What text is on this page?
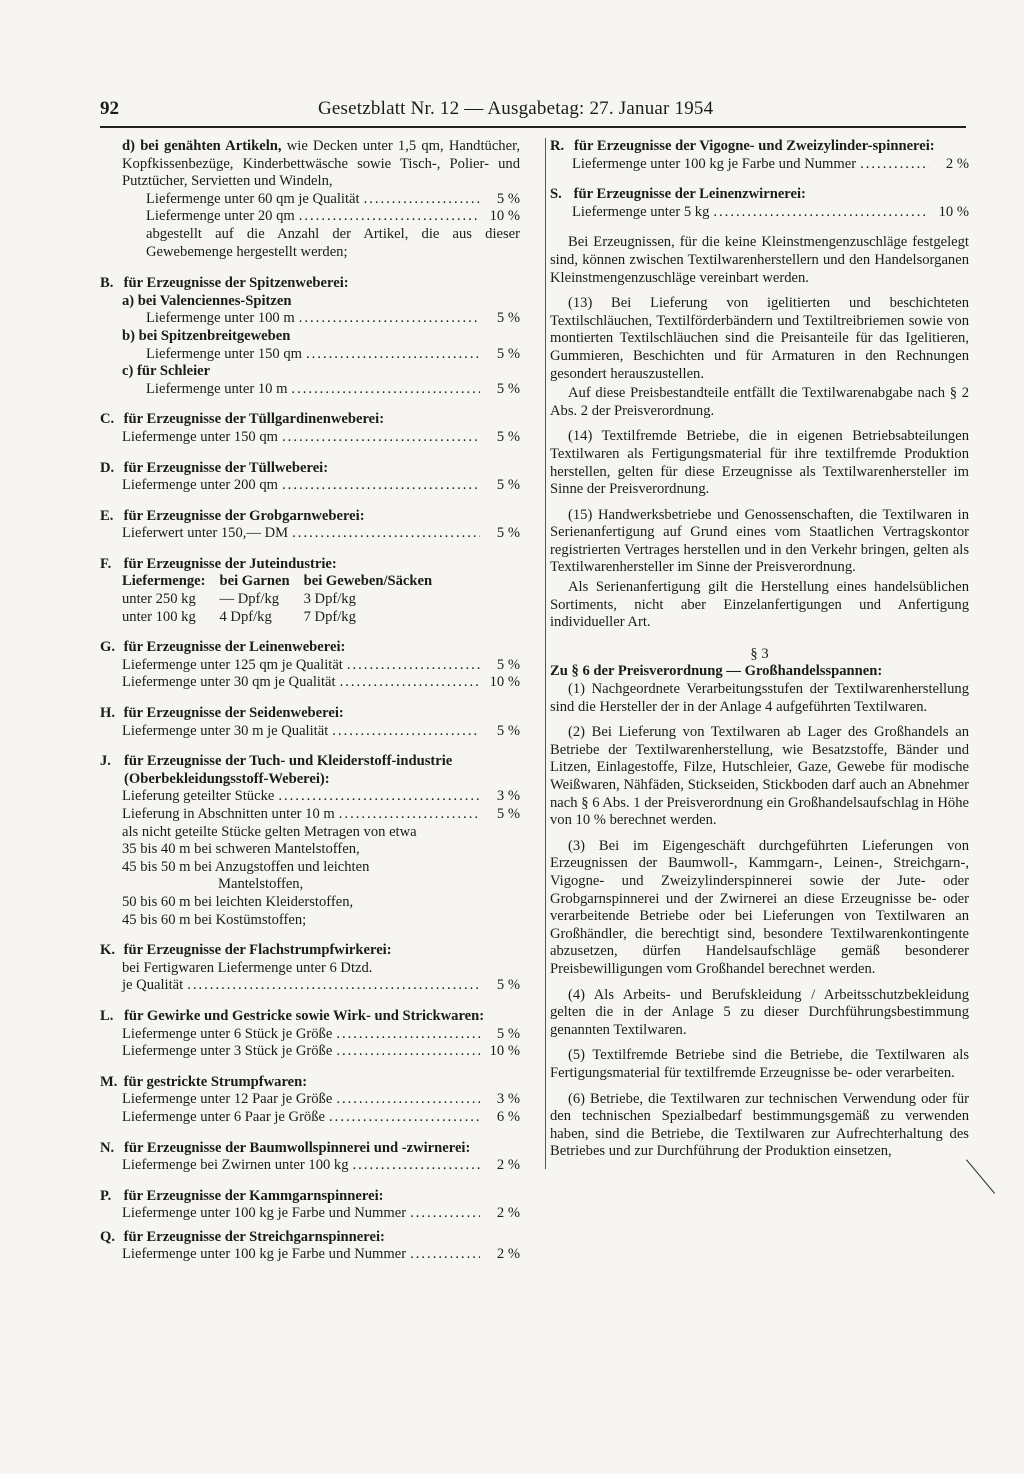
92	Gesetzblatt Nr. 12 — Ausgabetag: 27. Januar 1954
d) bei genähten Artikeln, wie Decken unter 1,5 qm, Handtücher, Kopfkissenbezüge, Kinderbettwäsche sowie Tisch-, Polier- und Putztücher, Servietten und Windeln,
Liefermenge unter 60 qm je Qualität .....	5 %
Liefermenge unter 20 qm .....	10 %
abgestellt auf die Anzahl der Artikel, die aus dieser Gewebemenge hergestellt werden;
B. für Erzeugnisse der Spitzenweberei:
a) bei Valenciennes-Spitzen
Liefermenge unter 100 m .....	5 %
b) bei Spitzenbreitgeweben
Liefermenge unter 150 qm .....	5 %
c) für Schleier
Liefermenge unter 10 m .....	5 %
C. für Erzeugnisse der Tüllgardinenweberei:
Liefermenge unter 150 qm .....	5 %
D. für Erzeugnisse der Tüllweberei:
Liefermenge unter 200 qm .....	5 %
E. für Erzeugnisse der Grobgarnweberei:
Lieferwert unter 150,— DM .....	5 %
F. für Erzeugnisse der Juteindustrie:
Liefermenge:	bei Garnen	bei Geweben/Säcken
unter 250 kg	— Dpf/kg	3 Dpf/kg
unter 100 kg	4 Dpf/kg	7 Dpf/kg
G. für Erzeugnisse der Leinenweberei:
Liefermenge unter 125 qm je Qualität .....	5 %
Liefermenge unter 30 qm je Qualität .....	10 %
H. für Erzeugnisse der Seidenweberei:
Liefermenge unter 30 m je Qualität .....	5 %
J. für Erzeugnisse der Tuch- und Kleiderstoff-industrie (Oberbekleidungsstoff-Weberei):
Lieferung geteilter Stücke .....	3 %
Lieferung in Abschnitten unter 10 m .....	5 %
als nicht geteilte Stücke gelten Metragen von etwa
35 bis 40 m bei schweren Mantelstoffen,
45 bis 50 m bei Anzugstoffen und leichten
Mantelstoffen,
50 bis 60 m bei leichten Kleiderstoffen,
45 bis 60 m bei Kostümstoffen;
K. für Erzeugnisse der Flachstrumpfwirkerei:
bei Fertigwaren Liefermenge unter 6 Dtzd.
je Qualität .....	5 %
L. für Gewirke und Gestricke sowie Wirk- und Strickwaren:
Liefermenge unter 6 Stück je Größe .....	5 %
Liefermenge unter 3 Stück je Größe .....	10 %
M. für gestrickte Strumpfwaren:
Liefermenge unter 12 Paar je Größe .....	3 %
Liefermenge unter 6 Paar je Größe .....	6 %
N. für Erzeugnisse der Baumwollspinnerei und -zwirnerei:
Liefermenge bei Zwirnen unter 100 kg .....	2 %
P. für Erzeugnisse der Kammgarnspinnerei:
Liefermenge unter 100 kg je Farbe und Nummer .....	2 %
Q. für Erzeugnisse der Streichgarnspinnerei:
Liefermenge unter 100 kg je Farbe und Nummer .....	2 %
R. für Erzeugnisse der Vigogne- und Zweizylinder-spinnerei:
Liefermenge unter 100 kg je Farbe und Nummer .....	2 %
S. für Erzeugnisse der Leinenzwirnerei:
Liefermenge unter 5 kg .....	10 %
Bei Erzeugnissen, für die keine Kleinstmengenzuschläge festgelegt sind, können zwischen Textilwarenherstellern und den Handelsorganen Kleinstmengenzuschläge vereinbart werden.
(13) Bei Lieferung von igelitierten und beschichteten Textilschläuchen, Textilförderbändern und Textiltreibriemen sowie von montierten Textilschläuchen sind die Preisanteile für das Igelitieren, Gummieren, Beschichten und für Armaturen in den Rechnungen gesondert herauszustellen.
Auf diese Preisbestandteile entfällt die Textilwarenabgabe nach § 2 Abs. 2 der Preisverordnung.
(14) Textilfremde Betriebe, die in eigenen Betriebsabteilungen Textilwaren als Fertigungsmaterial für ihre textilfremde Produktion herstellen, gelten für diese Erzeugnisse als Textilwarenhersteller im Sinne der Preisverordnung.
(15) Handwerksbetriebe und Genossenschaften, die Textilwaren in Serienanfertigung auf Grund eines vom Staatlichen Vertragskontor registrierten Vertrages herstellen und in den Verkehr bringen, gelten als Textilwarenhersteller im Sinne der Preisverordnung.
Als Serienanfertigung gilt die Herstellung eines handelsüblichen Sortiments, nicht aber Einzelanfertigungen und Anfertigung individueller Art.
§ 3
Zu § 6 der Preisverordnung — Großhandelsspannen:
(1) Nachgeordnete Verarbeitungsstufen der Textilwarenherstellung sind die Hersteller der in der Anlage 4 aufgeführten Textilwaren.
(2) Bei Lieferung von Textilwaren ab Lager des Großhandels an Betriebe der Textilwarenherstellung, wie Besatzstoffe, Bänder und Litzen, Einlagestoffe, Filze, Hutschleier, Gaze, Gewebe für modische Weißwaren, Nähfäden, Stickseiden, Stickboden darf auch an Abnehmer nach § 6 Abs. 1 der Preisverordnung ein Großhandelsaufschlag in Höhe von 10 % berechnet werden.
(3) Bei im Eigengeschäft durchgeführten Lieferungen von Erzeugnissen der Baumwoll-, Kammgarn-, Leinen-, Streichgarn-, Vigogne- und Zweizylinderspinnerei sowie der Jute- oder Grobgarnspinnerei und der Zwirnerei an diese Erzeugnisse be- oder verarbeitende Betriebe oder bei Lieferungen von Textilwaren an Großhändler, die berechtigt sind, besondere Textilwarenkontingente abzusetzen, dürfen Handelsaufschläge gemäß besonderer Preisbewilligungen vom Großhandel berechnet werden.
(4) Als Arbeits- und Berufskleidung / Arbeitsschutzbekleidung gelten die in der Anlage 5 zu dieser Durchführungsbestimmung genannten Textilwaren.
(5) Textilfremde Betriebe sind die Betriebe, die Textilwaren als Fertigungsmaterial für textilfremde Erzeugnisse be- oder verarbeiten.
(6) Betriebe, die Textilwaren zur technischen Verwendung oder für den technischen Spezialbedarf bestimmungsgemäß zu verwenden haben, sind die Betriebe, die Textilwaren zur Aufrechterhaltung des Betriebes und zur Durchführung der Produktion einsetzen,
